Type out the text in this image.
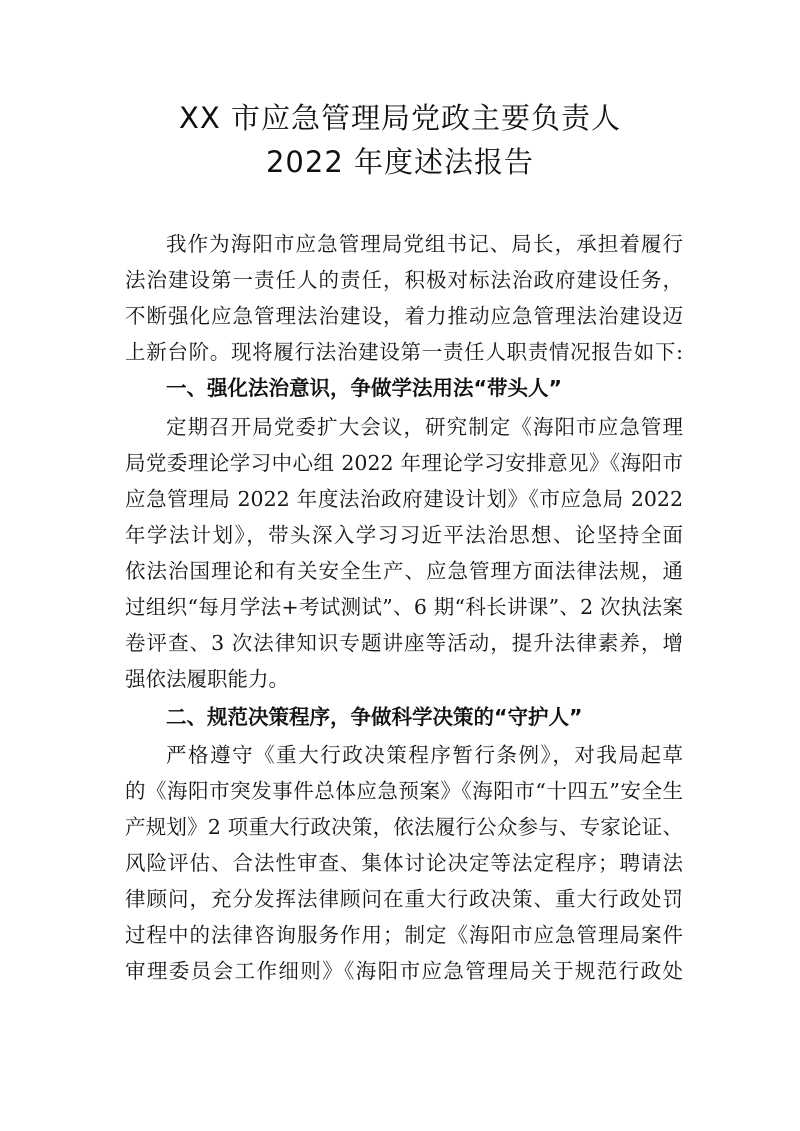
XX 市应急管理局党政主要负责人
2022 年度述法报告
我作为海阳市应急管理局党组书记、局长，承担着履行
法治建设第一责任人的责任，积极对标法治政府建设任务，
不断强化应急管理法治建设，着力推动应急管理法治建设迈
上新台阶。现将履行法治建设第一责任人职责情况报告如下:
一、强化法治意识，争做学法用法“带头人”
定期召开局党委扩大会议，研究制定《海阳市应急管理
局党委理论学习中心组 2022 年理论学习安排意见》《海阳市
应急管理局 2022 年度法治政府建设计划》《市应急局 2022
年学法计划》，带头深入学习习近平法治思想、论坚持全面
依法治国理论和有关安全生产、应急管理方面法律法规，通
过组织“每月学法+考试测试”、6 期“科长讲课”、2 次执法案
卷评查、3 次法律知识专题讲座等活动，提升法律素养，增
强依法履职能力。
二、规范决策程序，争做科学决策的“守护人”
严格遵守《重大行政决策程序暂行条例》，对我局起草
的《海阳市突发事件总体应急预案》《海阳市“十四五”安全生
产规划》2 项重大行政决策，依法履行公众参与、专家论证、
风险评估、合法性审查、集体讨论决定等法定程序；聘请法
律顾问，充分发挥法律顾问在重大行政决策、重大行政处罚
过程中的法律咨询服务作用；制定《海阳市应急管理局案件
审理委员会工作细则》《海阳市应急管理局关于规范行政处
